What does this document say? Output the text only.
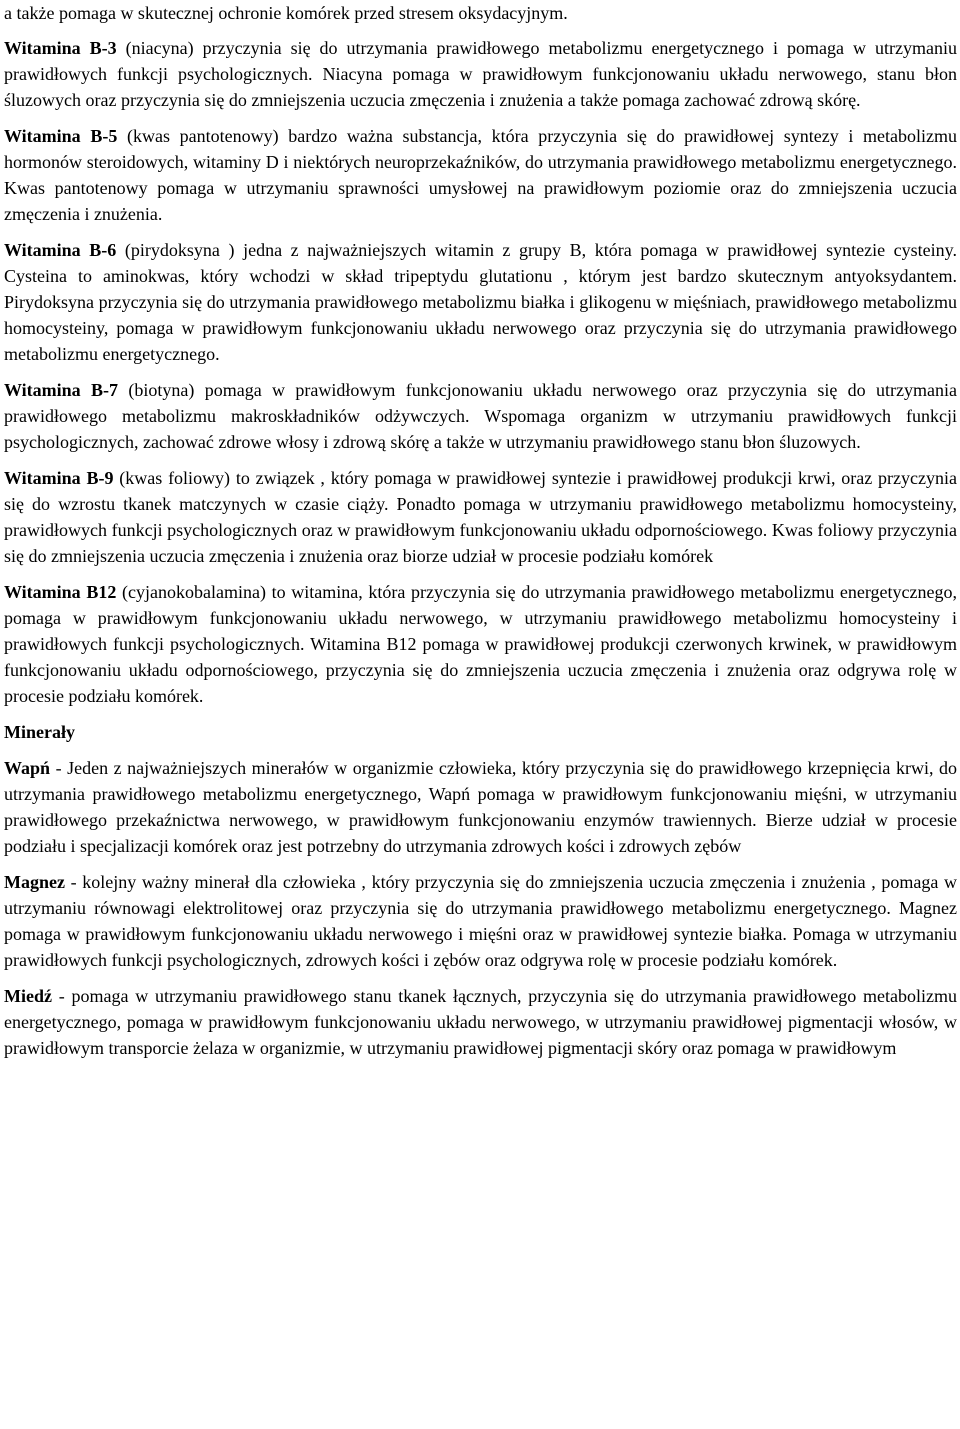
a także pomaga w skutecznej ochronie komórek przed stresem oksydacyjnym.

Witamina B-3 (niacyna) przyczynia się do utrzymania prawidłowego metabolizmu energetycznego i pomaga w utrzymaniu prawidłowych funkcji psychologicznych. Niacyna pomaga w prawidłowym funkcjonowaniu układu nerwowego, stanu błon śluzowych oraz przyczynia się do zmniejszenia uczucia zmęczenia i znużenia a także pomaga zachować zdrową skórę.

Witamina B-5 (kwas pantotenowy) bardzo ważna substancja, która przyczynia się do prawidłowej syntezy i metabolizmu hormonów steroidowych, witaminy D i niektórych neuroprzekaźników, do utrzymania prawidłowego metabolizmu energetycznego. Kwas pantotenowy pomaga w utrzymaniu sprawności umysłowej na prawidłowym poziomie oraz do zmniejszenia uczucia zmęczenia i znużenia.

Witamina B-6 (pirydoksyna ) jedna z najważniejszych witamin z grupy B, która pomaga w prawidłowej syntezie cysteiny. Cysteina to aminokwas, który wchodzi w skład tripeptydu glutationu , którym jest bardzo skutecznym antyoksydantem. Pirydoksyna przyczynia się do utrzymania prawidłowego metabolizmu białka i glikogenu w mięśniach, prawidłowego metabolizmu homocysteiny, pomaga w prawidłowym funkcjonowaniu układu nerwowego oraz przyczynia się do utrzymania prawidłowego metabolizmu energetycznego.

Witamina B-7 (biotyna) pomaga w prawidłowym funkcjonowaniu układu nerwowego oraz przyczynia się do utrzymania prawidłowego metabolizmu makroskładników odżywczych. Wspomaga organizm w utrzymaniu prawidłowych funkcji psychologicznych, zachować zdrowe włosy i zdrową skórę a także w utrzymaniu prawidłowego stanu błon śluzowych.

Witamina B-9 (kwas foliowy) to związek , który pomaga w prawidłowej syntezie i prawidłowej produkcji krwi, oraz przyczynia się do wzrostu tkanek matczynych w czasie ciąży. Ponadto pomaga w utrzymaniu prawidłowego metabolizmu homocysteiny, prawidłowych funkcji psychologicznych oraz w prawidłowym funkcjonowaniu układu odpornościowego. Kwas foliowy przyczynia się do zmniejszenia uczucia zmęczenia i znużenia oraz biorze udział w procesie podziału komórek

Witamina B12 (cyjanokobalamina) to witamina, która przyczynia się do utrzymania prawidłowego metabolizmu energetycznego, pomaga w prawidłowym funkcjonowaniu układu nerwowego, w utrzymaniu prawidłowego metabolizmu homocysteiny i prawidłowych funkcji psychologicznych. Witamina B12 pomaga w prawidłowej produkcji czerwonych krwinek, w prawidłowym funkcjonowaniu układu odpornościowego, przyczynia się do zmniejszenia uczucia zmęczenia i znużenia oraz odgrywa rolę w procesie podziału komórek.

Minerały

Wapń - Jeden z najważniejszych minerałów w organizmie człowieka, który przyczynia się do prawidłowego krzepnięcia krwi, do utrzymania prawidłowego metabolizmu energetycznego, Wapń pomaga w prawidłowym funkcjonowaniu mięśni, w utrzymaniu prawidłowego przekaźnictwa nerwowego, w prawidłowym funkcjonowaniu enzymów trawiennych. Bierze udział w procesie podziału i specjalizacji komórek oraz jest potrzebny do utrzymania zdrowych kości i zdrowych zębów

Magnez - kolejny ważny minerał dla człowieka , który przyczynia się do zmniejszenia uczucia zmęczenia i znużenia , pomaga w utrzymaniu równowagi elektrolitowej oraz przyczynia się do utrzymania prawidłowego metabolizmu energetycznego. Magnez pomaga w prawidłowym funkcjonowaniu układu nerwowego i mięśni oraz w prawidłowej syntezie białka. Pomaga w utrzymaniu prawidłowych funkcji psychologicznych, zdrowych kości i zębów oraz odgrywa rolę w procesie podziału komórek.

Miedź - pomaga w utrzymaniu prawidłowego stanu tkanek łącznych, przyczynia się do utrzymania prawidłowego metabolizmu energetycznego, pomaga w prawidłowym funkcjonowaniu układu nerwowego, w utrzymaniu prawidłowej pigmentacji włosów, w prawidłowym transporcie żelaza w organizmie, w utrzymaniu prawidłowej pigmentacji skóry oraz pomaga w prawidłowym
